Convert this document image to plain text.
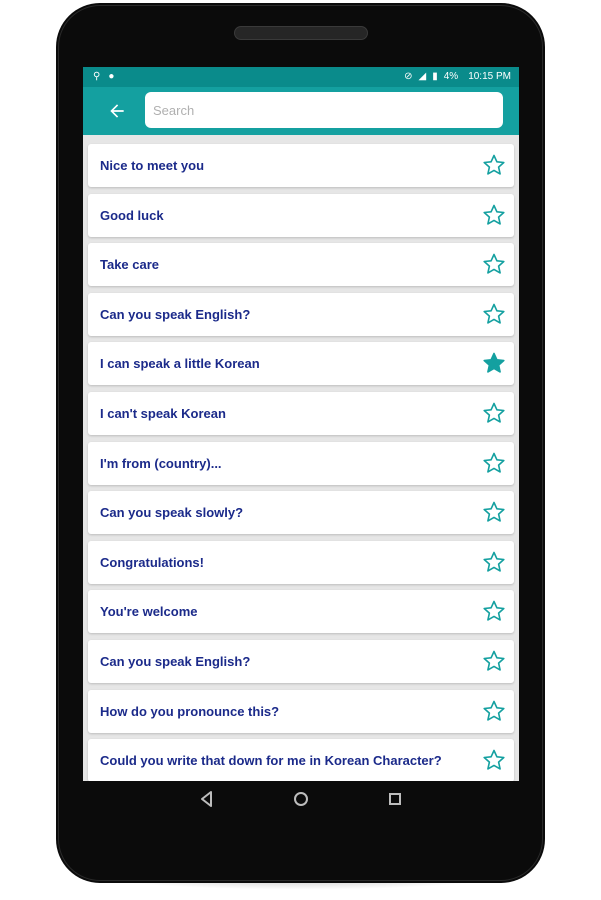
⚲ ●	⊘ ◢ ▮ 4% 10:15 PM
Search
Nice to meet you
Good luck
Take care
Can you speak English?
I can speak a little Korean
I can't speak Korean
I'm from (country)...
Can you speak slowly?
Congratulations!
You're welcome
Can you speak English?
How do you pronounce this?
Could you write that down for me in Korean Character?
